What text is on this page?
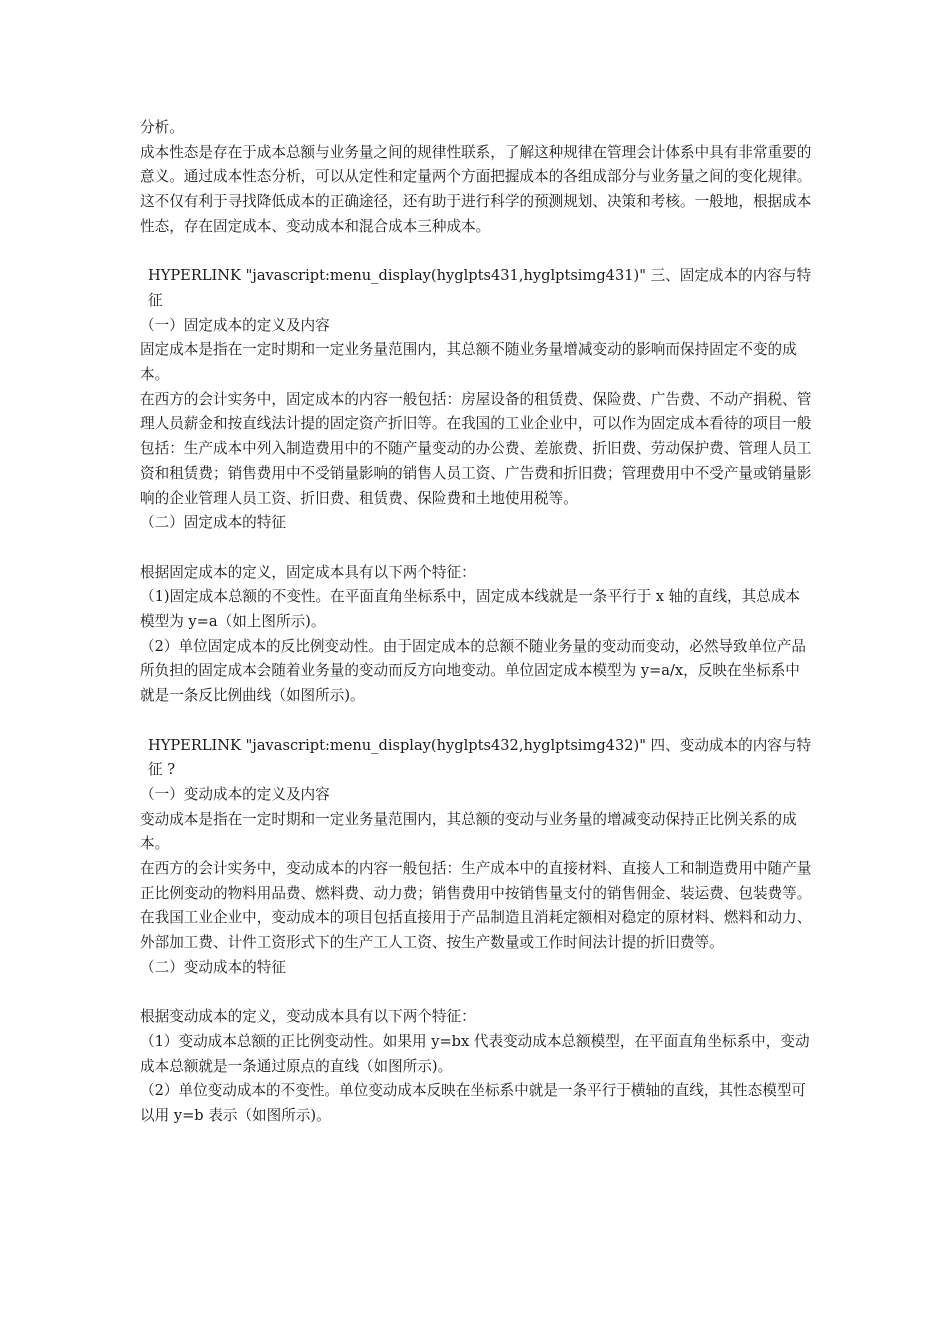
分析。

成本性态是存在于成本总额与业务量之间的规律性联系，了解这种规律在管理会计体系中具有非常重要的意义。通过成本性态分析，可以从定性和定量两个方面把握成本的各组成部分与业务量之间的变化规律。这不仅有利于寻找降低成本的正确途径，还有助于进行科学的预测规划、决策和考核。一般地，根据成本性态，存在固定成本、变动成本和混合成本三种成本。

HYPERLINK "javascript:menu_display(hyglpts431,hyglptsimg431)" 三、固定成本的内容与特征

（一）固定成本的定义及内容

固定成本是指在一定时期和一定业务量范围内，其总额不随业务量增减变动的影响而保持固定不变的成本。

在西方的会计实务中，固定成本的内容一般包括：房屋设备的租赁费、保险费、广告费、不动产捐税、管理人员薪金和按直线法计提的固定资产折旧等。在我国的工业企业中，可以作为固定成本看待的项目一般包括：生产成本中列入制造费用中的不随产量变动的办公费、差旅费、折旧费、劳动保护费、管理人员工资和租赁费；销售费用中不受销量影响的销售人员工资、广告费和折旧费；管理费用中不受产量或销量影响的企业管理人员工资、折旧费、租赁费、保险费和土地使用税等。

（二）固定成本的特征

根据固定成本的定义，固定成本具有以下两个特征：

（1)固定成本总额的不变性。在平面直角坐标系中，固定成本线就是一条平行于 x 轴的直线，其总成本模型为 y=a（如上图所示)。

（2）单位固定成本的反比例变动性。由于固定成本的总额不随业务量的变动而变动，必然导致单位产品所负担的固定成本会随着业务量的变动而反方向地变动。单位固定成本模型为 y=a/x，反映在坐标系中就是一条反比例曲线（如图所示)。

HYPERLINK "javascript:menu_display(hyglpts432,hyglptsimg432)" 四、变动成本的内容与特征 ?

（一）变动成本的定义及内容

变动成本是指在一定时期和一定业务量范围内，其总额的变动与业务量的增减变动保持正比例关系的成本。

在西方的会计实务中，变动成本的内容一般包括：生产成本中的直接材料、直接人工和制造费用中随产量正比例变动的物料用品费、燃料费、动力费；销售费用中按销售量支付的销售佣金、装运费、包装费等。在我国工业企业中，变动成本的项目包括直接用于产品制造且消耗定额相对稳定的原材料、燃料和动力、外部加工费、计件工资形式下的生产工人工资、按生产数量或工作时间法计提的折旧费等。

（二）变动成本的特征

根据变动成本的定义，变动成本具有以下两个特征：

（1）变动成本总额的正比例变动性。如果用 y=bx 代表变动成本总额模型，在平面直角坐标系中，变动成本总额就是一条通过原点的直线（如图所示)。

（2）单位变动成本的不变性。单位变动成本反映在坐标系中就是一条平行于横轴的直线，其性态模型可以用 y=b 表示（如图所示)。
